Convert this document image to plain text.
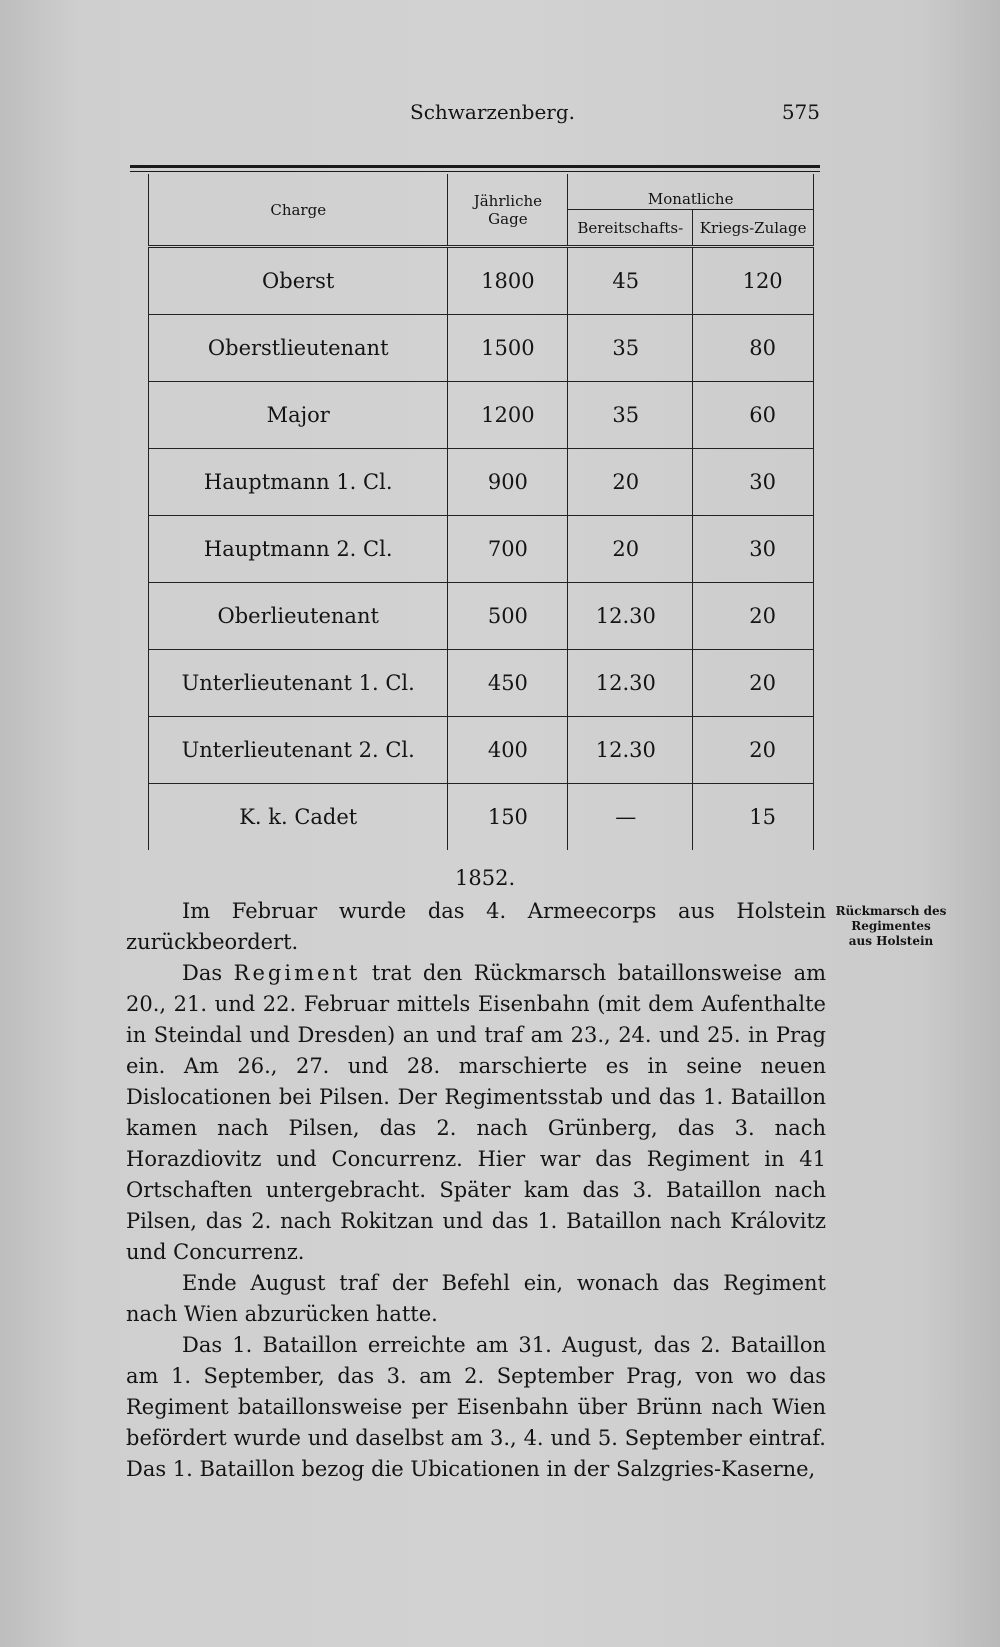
Schwarzenberg.	575
Charge	Jährliche Gage	Monatliche	
		Bereitschafts-	Kriegs-Zulage
Oberst	1800	45	120
Oberstlieutenant	1500	35	80
Major	1200	35	60
Hauptmann 1. Cl.	900	20	30
Hauptmann 2. Cl.	700	20	30
Oberlieutenant	500	12.30	20
Unterlieutenant 1. Cl.	450	12.30	20
Unterlieutenant 2. Cl.	400	12.30	20
K. k. Cadet	150	—	15
1852.

Im Februar wurde das 4. Armeecorps aus Holstein zurückbeordert.

Das Regiment trat den Rückmarsch bataillonsweise am 20., 21. und 22. Februar mittels Eisenbahn (mit dem Aufenthalte in Steindal und Dresden) an und traf am 23., 24. und 25. in Prag ein. Am 26., 27. und 28. marschierte es in seine neuen Dislocationen bei Pilsen. Der Regimentsstab und das 1. Bataillon kamen nach Pilsen, das 2. nach Grünberg, das 3. nach Horazdiovitz und Concurrenz. Hier war das Regiment in 41 Ortschaften untergebracht. Später kam das 3. Bataillon nach Pilsen, das 2. nach Rokitzan und das 1. Bataillon nach Královitz und Concurrenz.

Ende August traf der Befehl ein, wonach das Regiment nach Wien abzurücken hatte.

Das 1. Bataillon erreichte am 31. August, das 2. Bataillon am 1. September, das 3. am 2. September Prag, von wo das Regiment bataillonsweise per Eisenbahn über Brünn nach Wien befördert wurde und daselbst am 3., 4. und 5. September eintraf. Das 1. Bataillon bezog die Ubicationen in der Salzgries-Kaserne,

Rückmarsch des
Regimentes
aus Holstein
